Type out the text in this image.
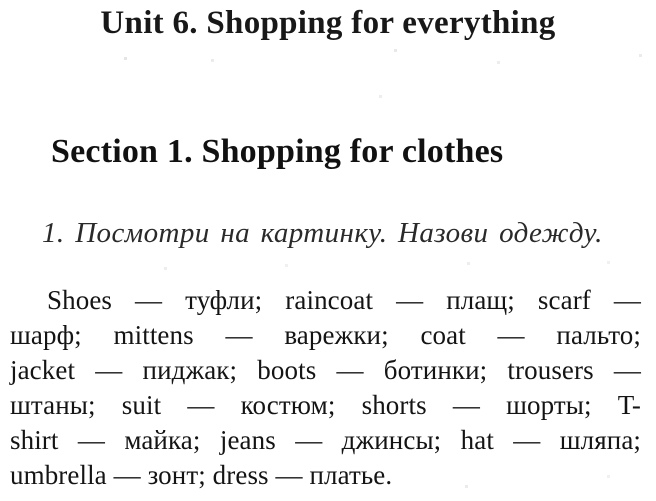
Unit 6. Shopping for everything
Section 1. Shopping for clothes

1. Посмотри на картинку. Назови одежду.

Shoes — туфли; raincoat — плащ; scarf —
шарф; mittens — варежки; coat — пальто;
jacket — пиджак; boots — ботинки; trousers —
штаны; suit — костюм; shorts — шорты; T-
shirt — майка; jeans — джинсы; hat — шляпа;
umbrella — зонт; dress — платье.
